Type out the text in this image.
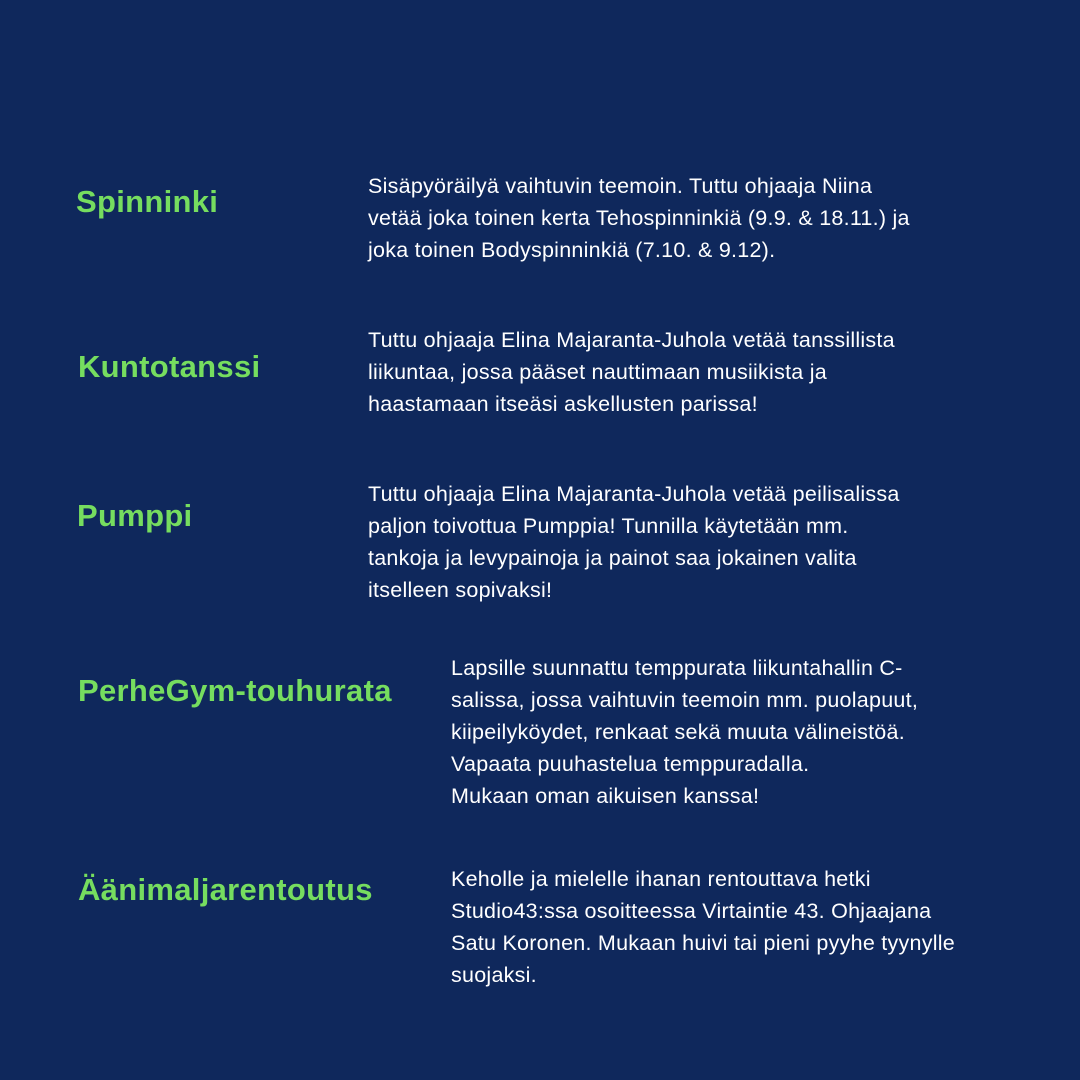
Spinninki	Sisäpyöräilyä vaihtuvin teemoin. Tuttu ohjaaja Niina
vetää joka toinen kerta Tehospinninkiä (9.9. & 18.11.) ja
joka toinen Bodyspinninkiä (7.10. & 9.12).
Kuntotanssi
Tuttu ohjaaja Elina Majaranta-Juhola vetää tanssillista
liikuntaa, jossa pääset nauttimaan musiikista ja
haastamaan itseäsi askellusten parissa!
Pumppi
Tuttu ohjaaja Elina Majaranta-Juhola vetää peilisalissa
paljon toivottua Pumppia! Tunnilla käytetään mm.
tankoja ja levypainoja ja painot saa jokainen valita
itselleen sopivaksi!
PerheGym-touhurata
Lapsille suunnattu temppurata liikuntahallin C-
salissa, jossa vaihtuvin teemoin mm. puolapuut,
kiipeilyköydet, renkaat sekä muuta välineistöä.
Vapaata puuhastelua temppuradalla.
Mukaan oman aikuisen kanssa!
Äänimaljarentoutus	Keholle ja mielelle ihanan rentouttava hetki
Studio43:ssa osoitteessa Virtaintie 43. Ohjaajana
Satu Koronen. Mukaan huivi tai pieni pyyhe tyynylle
suojaksi.
